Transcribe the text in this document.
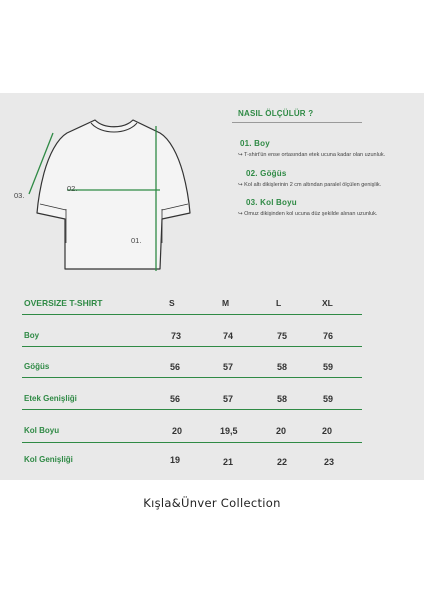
01.
02.
03.
NASIL ÖLÇÜLÜR ?
01. Boy
↪ T-shirt'ün ense ortasından etek ucuna kadar olan uzunluk.
02. Göğüs
↪ Kol altı dikişlerinin 2 cm altından paralel ölçülen genişlik.
03. Kol Boyu
↪ Omuz dikişinden kol ucuna düz şekilde alınan uzunluk.
OVERSIZE T-SHIRT	S	M	L	XL
Boy	73	74	75	76
Göğüs	56	57	58	59
Etek Genişliği	56	57	58	59
Kol Boyu	20	19,5	20	20
Kol Genişliği	19	21	22	23
Kışla&Ünver Collection
